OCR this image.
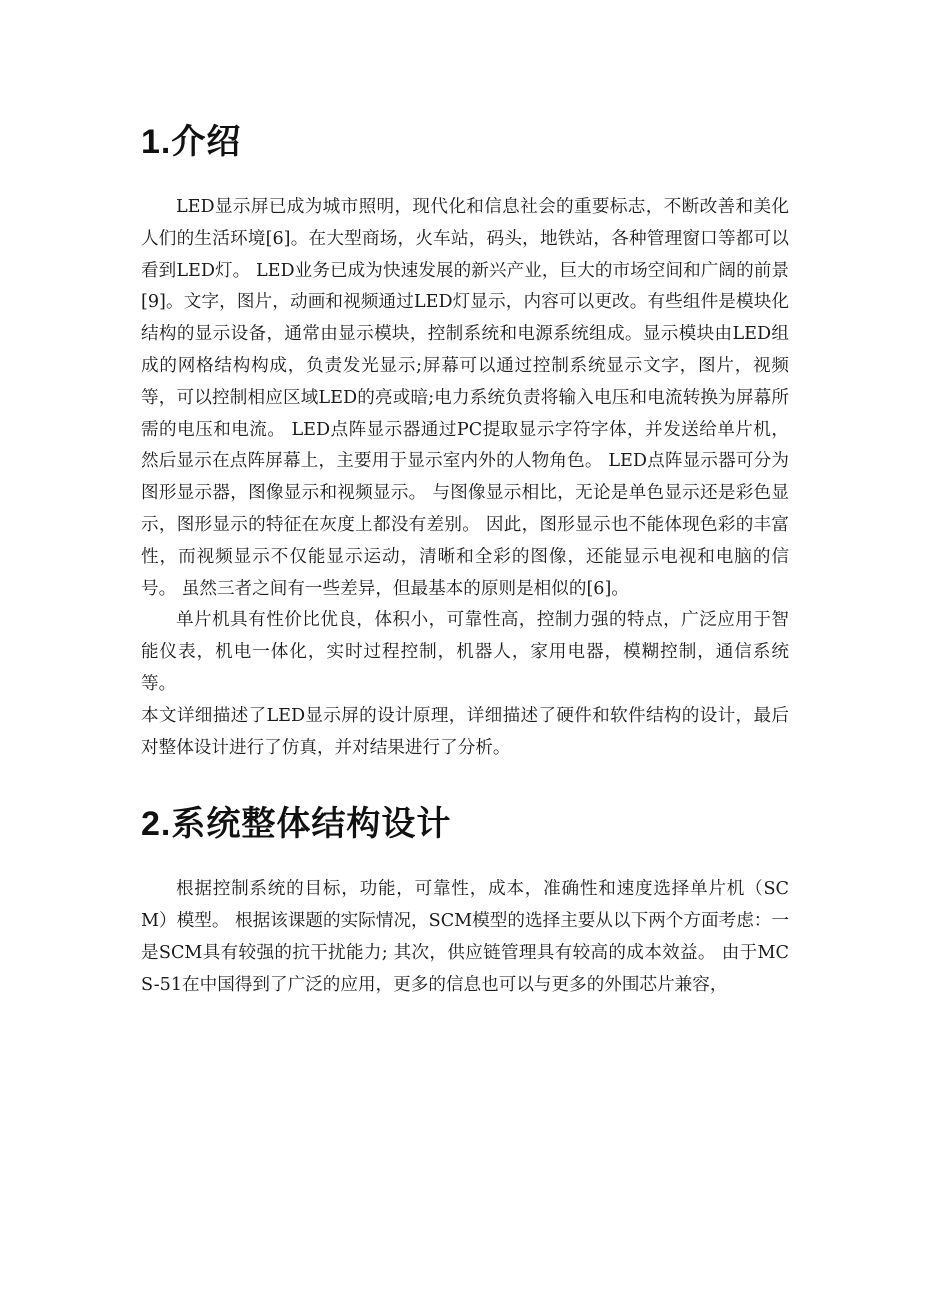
1.介绍

LED显示屏已成为城市照明，现代化和信息社会的重要标志，不断改善和美化人们的生活环境[6]。在大型商场，火车站，码头，地铁站，各种管理窗口等都可以看到LED灯。 LED业务已成为快速发展的新兴产业，巨大的市场空间和广阔的前景[9]。文字，图片，动画和视频通过LED灯显示，内容可以更改。有些组件是模块化结构的显示设备，通常由显示模块，控制系统和电源系统组成。显示模块由LED组成的网格结构构成，负责发光显示;屏幕可以通过控制系统显示文字，图片，视频等，可以控制相应区域LED的亮或暗;电力系统负责将输入电压和电流转换为屏幕所需的电压和电流。 LED点阵显示器通过PC提取显示字符字体，并发送给单片机，然后显示在点阵屏幕上，主要用于显示室内外的人物角色。 LED点阵显示器可分为图形显示器，图像显示和视频显示。 与图像显示相比，无论是单色显示还是彩色显示，图形显示的特征在灰度上都没有差别。 因此，图形显示也不能体现色彩的丰富性，而视频显示不仅能显示运动，清晰和全彩的图像，还能显示电视和电脑的信号。 虽然三者之间有一些差异，但最基本的原则是相似的[6]。

单片机具有性价比优良，体积小，可靠性高，控制力强的特点，广泛应用于智能仪表，机电一体化，实时过程控制，机器人，家用电器，模糊控制，通信系统等。

本文详细描述了LED显示屏的设计原理，详细描述了硬件和软件结构的设计，最后对整体设计进行了仿真，并对结果进行了分析。

2.系统整体结构设计

根据控制系统的目标，功能，可靠性，成本，准确性和速度选择单片机（SCM）模型。 根据该课题的实际情况，SCM模型的选择主要从以下两个方面考虑：一是SCM具有较强的抗干扰能力; 其次，供应链管理具有较高的成本效益。 由于MCS-51在中国得到了广泛的应用，更多的信息也可以与更多的外围芯片兼容，
